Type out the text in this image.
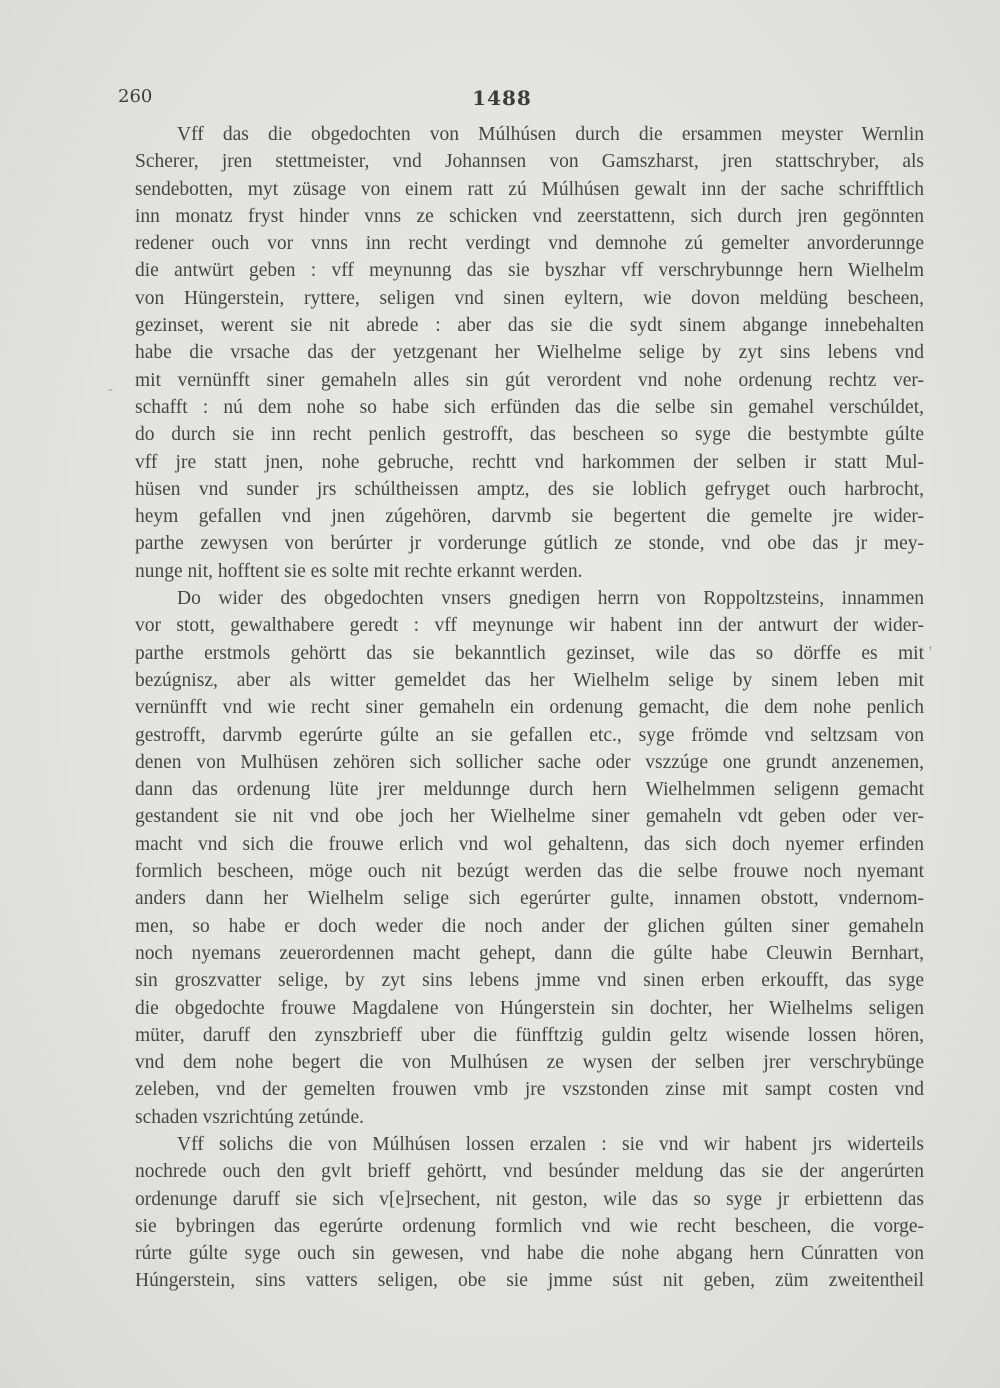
260	1488
Vff das die obgedochten von Múlhúsen durch die ersammen meyster Wernlin
Scherer, jren stettmeister, vnd Johannsen von Gamszharst, jren stattschryber, als
sendebotten, myt züsage von einem ratt zú Múlhúsen gewalt inn der sache schrifftlich
inn monatz fryst hinder vnns ze schicken vnd zeerstattenn, sich durch jren gegönnten
redener ouch vor vnns inn recht verdingt vnd demnohe zú gemelter anvorderunnge
die antwürt geben : vff meynunng das sie byszhar vff verschrybunnge hern Wielhelm
von Hüngerstein, ryttere, seligen vnd sinen eyltern, wie dovon meldüng bescheen,
gezinset, werent sie nit abrede : aber das sie die sydt sinem abgange innebehalten
habe die vrsache das der yetzgenant her Wielhelme selige by zyt sins lebens vnd
mit vernünfft siner gemaheln alles sin gút verordent vnd nohe ordenung rechtz ver-
schafft : nú dem nohe so habe sich erfünden das die selbe sin gemahel verschúldet,
do durch sie inn recht penlich gestrofft, das bescheen so syge die bestymbte gúlte
vff jre statt jnen, nohe gebruche, rechtt vnd harkommen der selben ir statt Mul-
hüsen vnd sunder jrs schúltheissen amptz, des sie loblich gefryget ouch harbrocht,
heym gefallen vnd jnen zúgehören, darvmb sie begertent die gemelte jre wider-
parthe zewysen von berúrter jr vorderunge gútlich ze stonde, vnd obe das jr mey-
nunge nit, hofftent sie es solte mit rechte erkannt werden.
Do wider des obgedochten vnsers gnedigen herrn von Roppoltzsteins, innammen
vor stott, gewalthabere geredt : vff meynunge wir habent inn der antwurt der wider-
parthe erstmols gehörtt das sie bekanntlich gezinset, wile das so dörffe es mit
bezúgnisz, aber als witter gemeldet das her Wielhelm selige by sinem leben mit
vernünfft vnd wie recht siner gemaheln ein ordenung gemacht, die dem nohe penlich
gestrofft, darvmb egerúrte gúlte an sie gefallen etc., syge frömde vnd seltzsam von
denen von Mulhüsen zehören sich sollicher sache oder vszzúge one grundt anzenemen,
dann das ordenung lüte jrer meldunnge durch hern Wielhelmmen seligenn gemacht
gestandent sie nit vnd obe joch her Wielhelme siner gemaheln vdt geben oder ver-
macht vnd sich die frouwe erlich vnd wol gehaltenn, das sich doch nyemer erfinden
formlich bescheen, möge ouch nit bezúgt werden das die selbe frouwe noch nyemant
anders dann her Wielhelm selige sich egerúrter gulte, innamen obstott, vndernom-
men, so habe er doch weder die noch ander der glichen gúlten siner gemaheln
noch nyemans zeuerordennen macht gehept, dann die gúlte habe Cleuwin Bernhart,
sin groszvatter selige, by zyt sins lebens jmme vnd sinen erben erkoufft, das syge
die obgedochte frouwe Magdalene von Húngerstein sin dochter, her Wielhelms seligen
müter, daruff den zynszbrieff uber die fünfftzig guldin geltz wisende lossen hören,
vnd dem nohe begert die von Mulhúsen ze wysen der selben jrer verschrybünge
zeleben, vnd der gemelten frouwen vmb jre vszstonden zinse mit sampt costen vnd
schaden vszrichtúng zetúnde.
Vff solichs die von Múlhúsen lossen erzalen : sie vnd wir habent jrs widerteils
nochrede ouch den gvlt brieff gehörtt, vnd besúnder meldung das sie der angerúrten
ordenunge daruff sie sich v[e]rsechent, nit geston, wile das so syge jr erbiettenn das
sie bybringen das egerúrte ordenung formlich vnd wie recht bescheen, die vorge-
rúrte gúlte syge ouch sin gewesen, vnd habe die nohe abgang hern Cúnratten von
Húngerstein, sins vatters seligen, obe sie jmme súst nit geben, züm zweitentheil
'
-
